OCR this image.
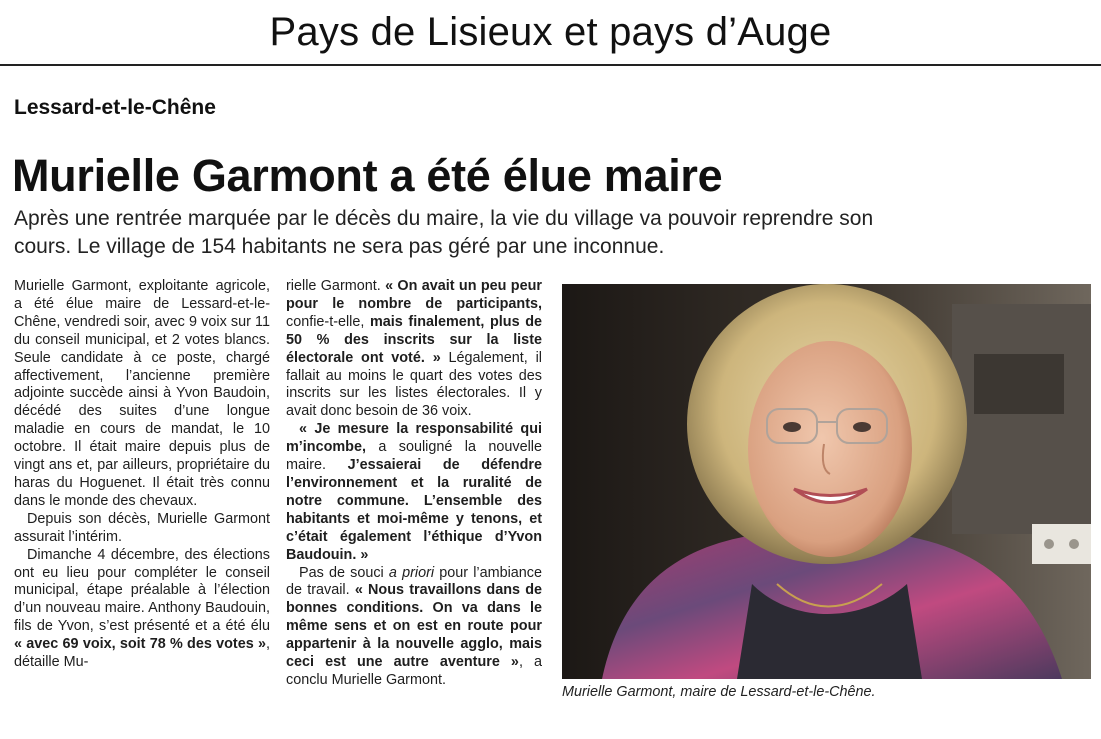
Pays de Lisieux et pays d’Auge
Lessard-et-le-Chêne
Murielle Garmont a été élue maire
Après une rentrée marquée par le décès du maire, la vie du village va pouvoir reprendre son cours. Le village de 154 habitants ne sera pas géré par une inconnue.

Murielle Garmont, exploitante agricole, a été élue maire de Lessard-et-le-Chêne, vendredi soir, avec 9 voix sur 11 du conseil municipal, et 2 votes blancs. Seule candidate à ce poste, chargé affectivement, l’ancienne première adjointe succède ainsi à Yvon Baudoin, décédé des suites d’une longue maladie en cours de mandat, le 10 octobre. Il était maire depuis plus de vingt ans et, par ailleurs, propriétaire du haras du Hoguenet. Il était très connu dans le monde des chevaux.

Depuis son décès, Murielle Garmont assurait l’intérim.

Dimanche 4 décembre, des élections ont eu lieu pour compléter le conseil municipal, étape préalable à l’élection d’un nouveau maire. Anthony Baudouin, fils de Yvon, s’est présenté et a été élu « avec 69 voix, soit 78 % des votes », détaille Mu-

rielle Garmont. « On avait un peu peur pour le nombre de participants, confie-t-elle, mais finalement, plus de 50 % des inscrits sur la liste électorale ont voté. » Légalement, il fallait au moins le quart des votes des inscrits sur les listes électorales. Il y avait donc besoin de 36 voix.

« Je mesure la responsabilité qui m’incombe, a souligné la nouvelle maire. J’essaierai de défendre l’environnement et la ruralité de notre commune. L’ensemble des habitants et moi-même y tenons, et c’était également l’éthique d’Yvon Baudouin. »

Pas de souci a priori pour l’ambiance de travail. « Nous travaillons dans de bonnes conditions. On va dans le même sens et on est en route pour appartenir à la nouvelle agglo, mais ceci est une autre aventure », a conclu Murielle Garmont.

Murielle Garmont, maire de Lessard-et-le-Chêne.
